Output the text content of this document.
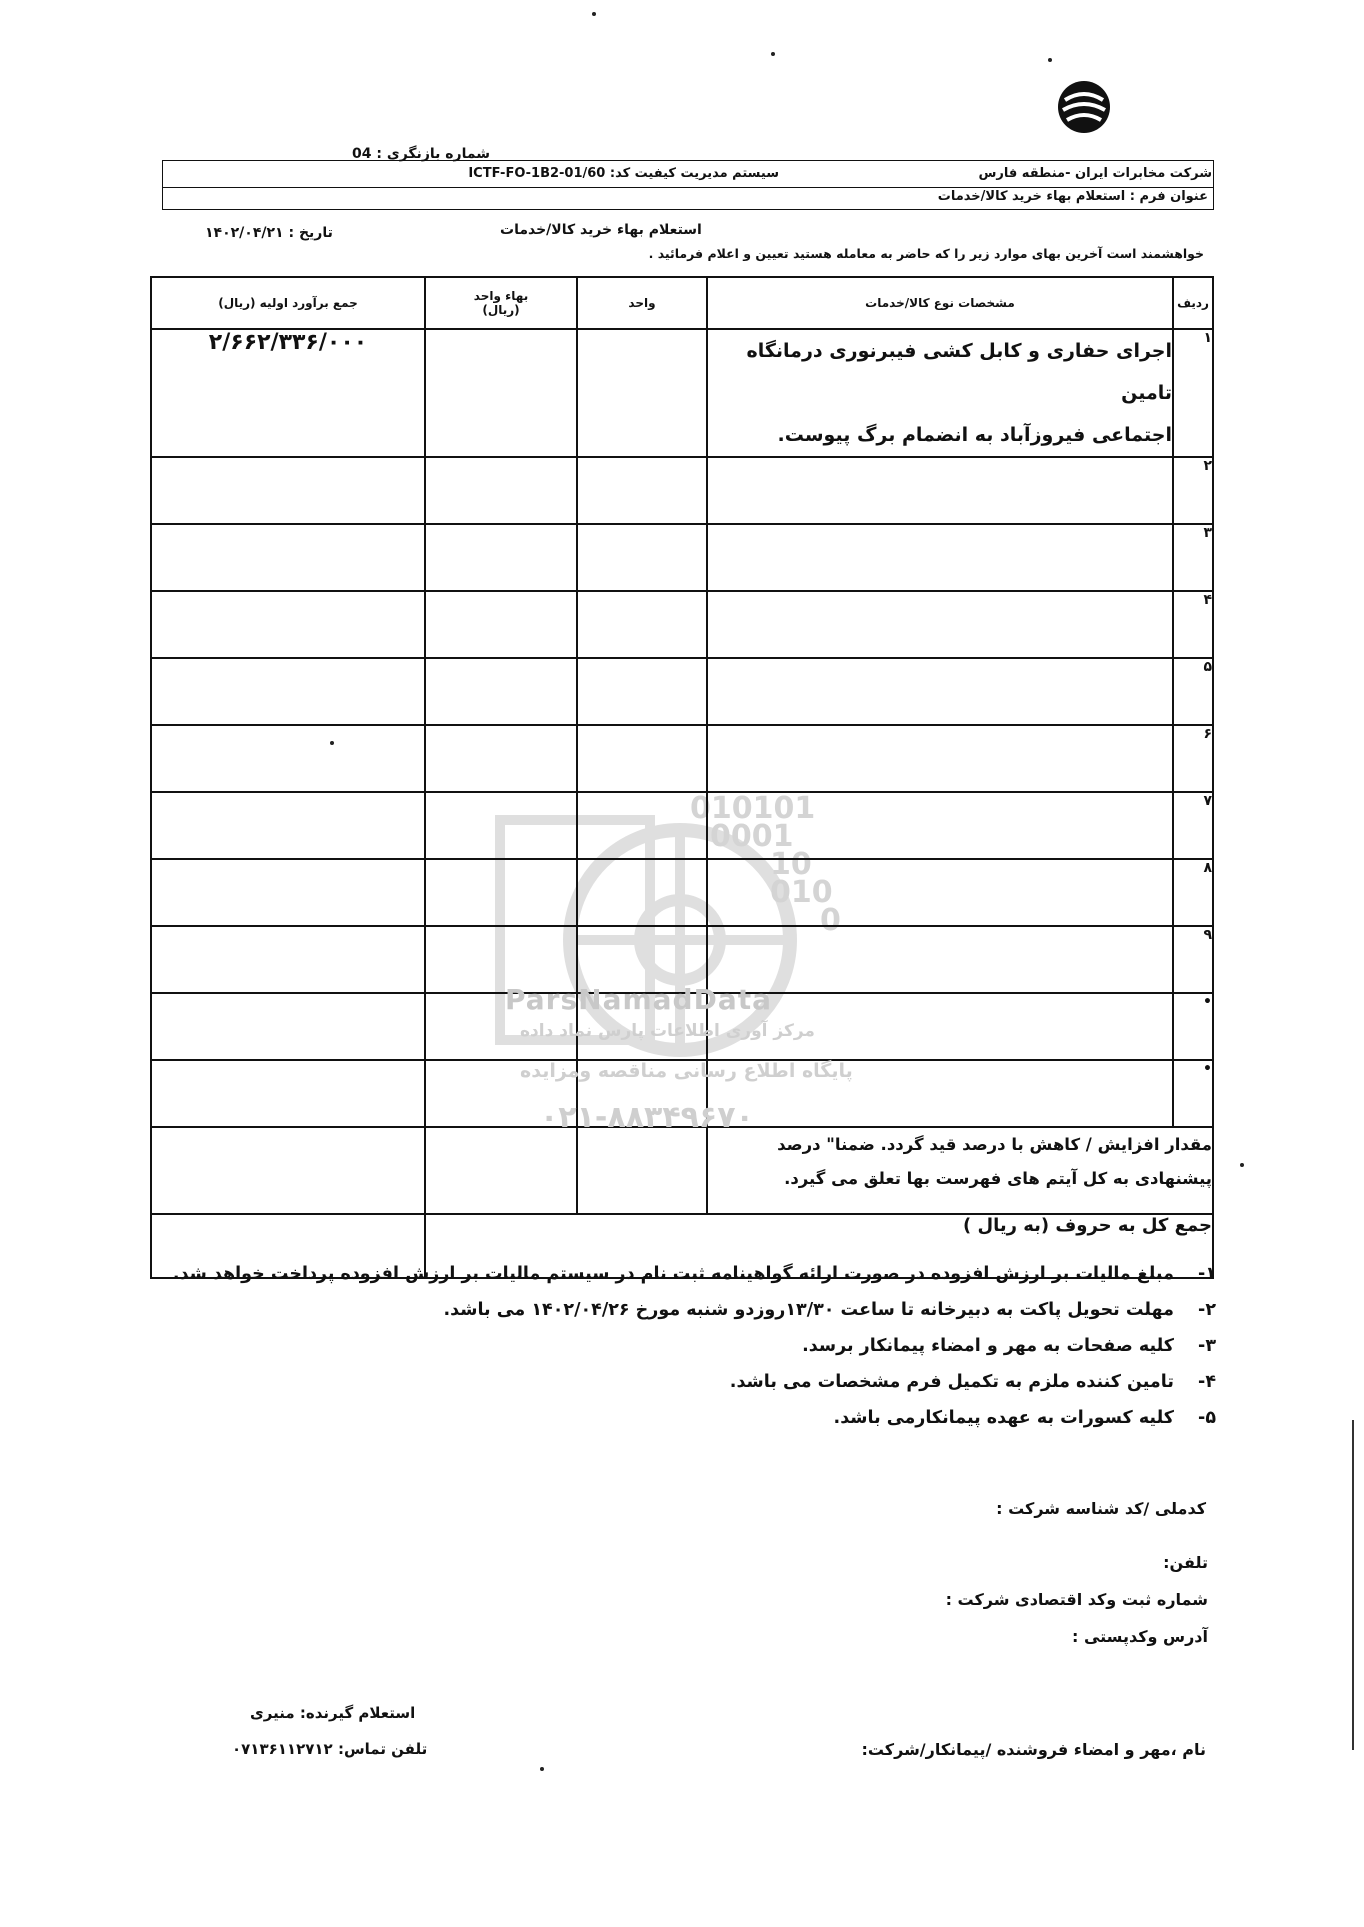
شماره بازنگری : 04
شرکت مخابرات ایران -منطقه فارس
سیستم مدیریت کیفیت کد: ICTF-FO-1B2-01/60
عنوان فرم : استعلام بهاء خرید کالا/خدمات
استعلام بهاء خرید کالا/خدمات
تاریخ : ۱۴۰۲/۰۴/۲۱
خواهشمند است آخرین بهای موارد زیر را که حاضر به معامله هستید تعیین و اعلام فرمائید .
010101
0001
10
010
0
ردیف	مشخصات نوع کالا/خدمات	واحد	بهاء واحد
(ریال)	جمع برآورد اولیه (ریال)
۱	اجرای حفاری و کابل کشی فیبرنوری درمانگاه تامین
اجتماعی فیروزآباد به انضمام برگ پیوست.			۲/۶۶۲/۳۳۶/۰۰۰
۲				
۳				
۴				
۵				
۶				
۷				
۸				
۹				
•				
•				

مقدار افزایش / کاهش با درصد قید گردد. ضمنا" درصد
پیشنهادی به کل آیتم های فهرست بها تعلق می گیرد.				

جمع کل به حروف (به ریال )				
ParsNamadData
مرکز آوری اطلاعات پارس نماد داده
پایگاه اطلاع رسانی مناقصه ومزایده
۰۲۱-۸۸۳۴۹۶۷۰
۱- مبلغ مالیات بر ارزش افزوده در صورت ارائه گواهینامه ثبت نام در سیستم مالیات بر ارزش افزوده پرداخت خواهد شد.
۲- مهلت تحویل پاکت به دبیرخانه تا ساعت ۱۳/۳۰روزدو شنبه مورخ ۱۴۰۲/۰۴/۲۶ می باشد.
۳- کلیه صفحات به مهر و امضاء پیمانکار برسد.
۴- تامین کننده ملزم به تکمیل فرم مشخصات می باشد.
۵- کلیه کسورات به عهده پیمانکارمی باشد.
کدملی /کد شناسه شرکت :
تلفن:
شماره ثبت وکد اقتصادی شرکت :
آدرس وکدپستی :
استعلام گیرنده: منیری
تلفن تماس: ۰۷۱۳۶۱۱۲۷۱۲	نام ،مهر و امضاء فروشنده /پیمانکار/شرکت:
